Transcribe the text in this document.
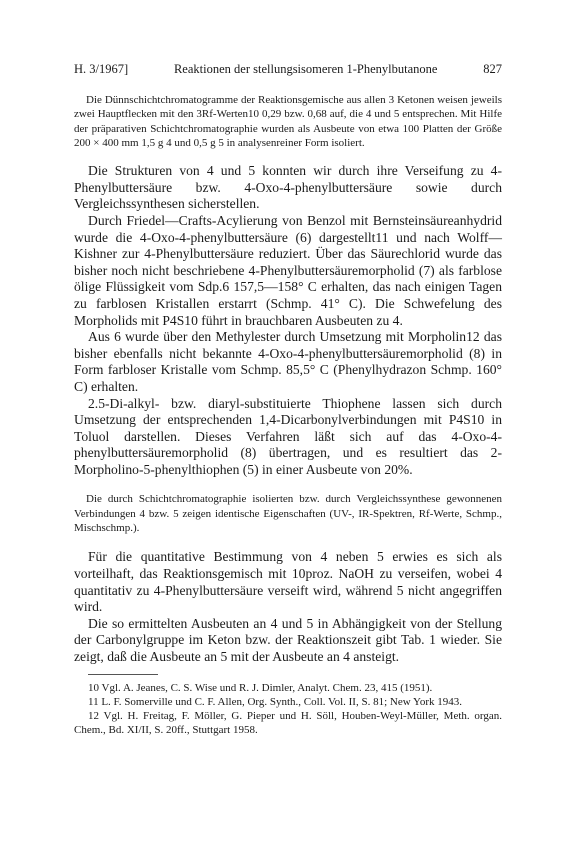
H. 3/1967]	Reaktionen der stellungsisomeren 1-Phenylbutanone	827

Die Dünnschichtchromatogramme der Reaktionsgemische aus allen 3 Ketonen weisen jeweils zwei Hauptflecken mit den 3Rf-Werten10 0,29 bzw. 0,68 auf, die 4 und 5 entsprechen. Mit Hilfe der präparativen Schichtchromatographie wurden als Ausbeute von etwa 100 Platten der Größe 200 × 400 mm 1,5 g 4 und 0,5 g 5 in analysenreiner Form isoliert.

Die Strukturen von 4 und 5 konnten wir durch ihre Verseifung zu 4-Phenylbuttersäure bzw. 4-Oxo-4-phenylbuttersäure sowie durch Vergleichssynthesen sicherstellen.

Durch Friedel—Crafts-Acylierung von Benzol mit Bernsteinsäureanhydrid wurde die 4-Oxo-4-phenylbuttersäure (6) dargestellt11 und nach Wolff—Kishner zur 4-Phenylbuttersäure reduziert. Über das Säurechlorid wurde das bisher noch nicht beschriebene 4-Phenylbuttersäuremorpholid (7) als farblose ölige Flüssigkeit vom Sdp.6 157,5—158° C erhalten, das nach einigen Tagen zu farblosen Kristallen erstarrt (Schmp. 41° C). Die Schwefelung des Morpholids mit P4S10 führt in brauchbaren Ausbeuten zu 4.

Aus 6 wurde über den Methylester durch Umsetzung mit Morpholin12 das bisher ebenfalls nicht bekannte 4-Oxo-4-phenylbuttersäuremorpholid (8) in Form farbloser Kristalle vom Schmp. 85,5° C (Phenylhydrazon Schmp. 160° C) erhalten.

2.5-Di-alkyl- bzw. diaryl-substituierte Thiophene lassen sich durch Umsetzung der entsprechenden 1,4-Dicarbonylverbindungen mit P4S10 in Toluol darstellen. Dieses Verfahren läßt sich auf das 4-Oxo-4-phenylbuttersäuremorpholid (8) übertragen, und es resultiert das 2-Morpholino-5-phenylthiophen (5) in einer Ausbeute von 20%.

Die durch Schichtchromatographie isolierten bzw. durch Vergleichssynthese gewonnenen Verbindungen 4 bzw. 5 zeigen identische Eigenschaften (UV-, IR-Spektren, Rf-Werte, Schmp., Mischschmp.).

Für die quantitative Bestimmung von 4 neben 5 erwies es sich als vorteilhaft, das Reaktionsgemisch mit 10proz. NaOH zu verseifen, wobei 4 quantitativ zu 4-Phenylbuttersäure verseift wird, während 5 nicht angegriffen wird.

Die so ermittelten Ausbeuten an 4 und 5 in Abhängigkeit von der Stellung der Carbonylgruppe im Keton bzw. der Reaktionszeit gibt Tab. 1 wieder. Sie zeigt, daß die Ausbeute an 5 mit der Ausbeute an 4 ansteigt.

10 Vgl. A. Jeanes, C. S. Wise und R. J. Dimler, Analyt. Chem. 23, 415 (1951).

11 L. F. Somerville und C. F. Allen, Org. Synth., Coll. Vol. II, S. 81; New York 1943.

12 Vgl. H. Freitag, F. Möller, G. Pieper und H. Söll, Houben-Weyl-Müller, Meth. organ. Chem., Bd. XI/II, S. 20ff., Stuttgart 1958.
